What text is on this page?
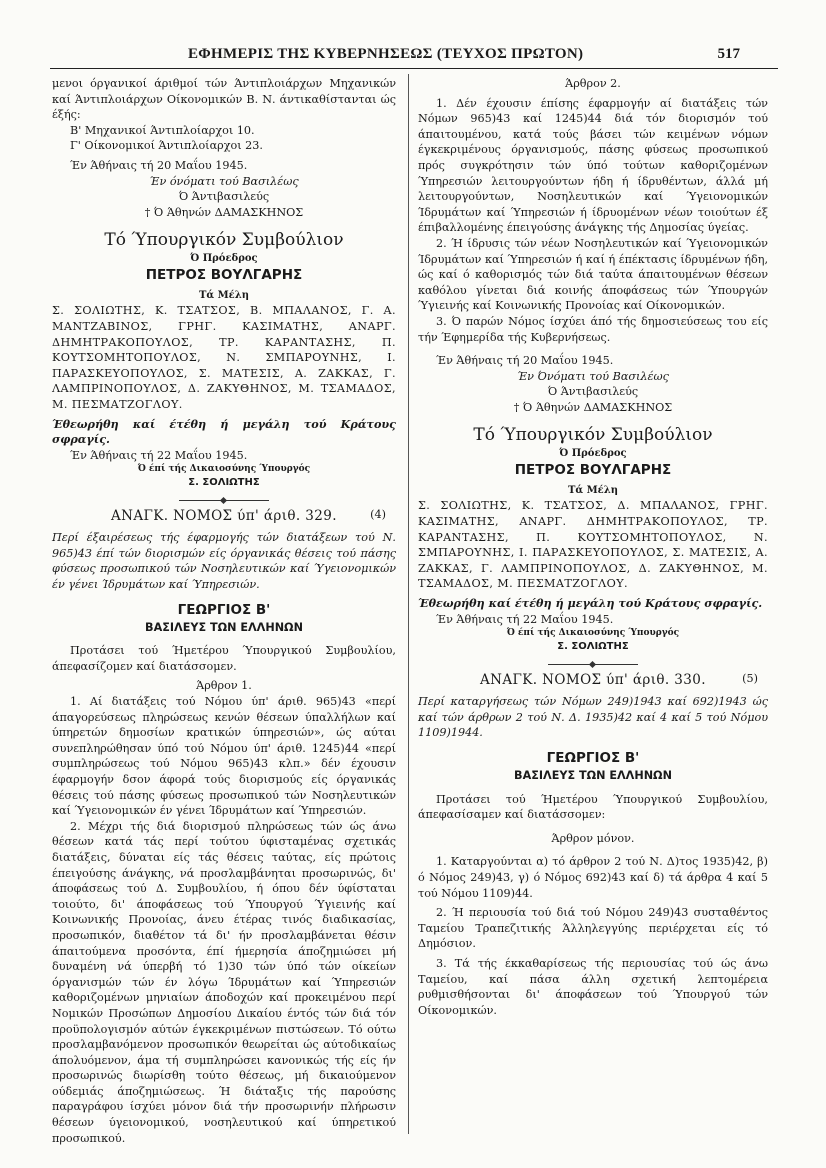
ΕΦΗΜΕΡΙΣ ΤΗΣ ΚΥΒΕΡΝΗΣΕΩΣ (ΤΕΥΧΟΣ ΠΡΩΤΟΝ)	517

μενοι όργανικοί άριθμοί τών Άντιπλοιάρχων Μηχανικών καί Άντιπλοιάρχων Οίκονομικών Β. Ν. άντικαθίστανται ώς έξής:

Β' Μηχανικοί Άντιπλοίαρχοι 10.

Γ' Οίκονομικοί Άντιπλοίαρχοι 23.

Έν Άθήναις τή 20 Μαΐου 1945.

Έν όνόματι τού Βασιλέως

Ό Άντιβασιλεύς

† Ό Άθηνών ΔΑΜΑΣΚΗΝΟΣ

Τό Ύπουργικόν Συμβούλιον

Ό Πρόεδρος

ΠΕΤΡΟΣ ΒΟΥΛΓΑΡΗΣ

Τά Μέλη

Σ. ΣΟΛΙΩΤΗΣ, Κ. ΤΣΑΤΣΟΣ, Β. ΜΠΑΛΑΝΟΣ, Γ. Α. ΜΑΝΤΖΑΒΙΝΟΣ, ΓΡΗΓ. ΚΑΣΙΜΑΤΗΣ, ΑΝΑΡΓ. ΔΗΜΗΤΡΑΚΟΠΟΥΛΟΣ, ΤΡ. ΚΑΡΑΝΤΑΣΗΣ, Π. ΚΟΥΤΣΟΜΗΤΟΠΟΥΛΟΣ, Ν. ΣΜΠΑΡΟΥΝΗΣ, Ι. ΠΑΡΑΣΚΕΥΟΠΟΥΛΟΣ, Σ. ΜΑΤΕΣΙΣ, Α. ΖΑΚΚΑΣ, Γ. ΛΑΜΠΡΙΝΟΠΟΥΛΟΣ, Δ. ΖΑΚΥΘΗΝΟΣ, Μ. ΤΣΑΜΑΔΟΣ, Μ. ΠΕΣΜΑΤΖΟΓΛΟΥ.

Έθεωρήθη καί έτέθη ή μεγάλη τού Κράτους σφραγίς.

Έν Άθήναις τή 22 Μαΐου 1945.

Ό έπί τής Δικαιοσύνης Ύπουργός

Σ. ΣΟΛΙΩΤΗΣ

ΑΝΑΓΚ. ΝΟΜΟΣ ύπ' άριθ. 329.	(4)

Περί έξαιρέσεως τής έφαρμογής τών διατάξεων τού Ν. 965)43 έπί τών διορισμών είς όργανικάς θέσεις τού πάσης φύσεως προσωπικού τών Νοσηλευτικών καί Ύγειονομικών έν γένει Ίδρυμάτων καί Ύπηρεσιών.

ΓΕΩΡΓΙΟΣ Β'

ΒΑΣΙΛΕΥΣ ΤΩΝ ΕΛΛΗΝΩΝ

Προτάσει τού Ήμετέρου Ύπουργικού Συμβουλίου, άπεφασίζομεν καί διατάσσομεν.

Άρθρον 1.

1. Αί διατάξεις τού Νόμου ύπ' άριθ. 965)43 «περί άπαγορεύσεως πληρώσεως κενών θέσεων ύπαλλήλων καί ύπηρετών δημοσίων κρατικών ύπηρεσιών», ώς αύται συνεπληρώθησαν ύπό τού Νόμου ύπ' άριθ. 1245)44 «περί συμπληρώσεως τού Νόμου 965)43 κλπ.» δέν έχουσιν έφαρμογήν δσον άφορά τούς διορισμούς είς όργανικάς θέσεις τού πάσης φύσεως προσωπικού τών Νοσηλευτικών καί Ύγειονομικών έν γένει Ίδρυμάτων καί Ύπηρεσιών.

2. Μέχρι τής διά διορισμού πληρώσεως τών ώς άνω θέσεων κατά τάς περί τούτου ύφισταμένας σχετικάς διατάξεις, δύναται είς τάς θέσεις ταύτας, είς πρώτοις έπειγούσης άνάγκης, νά προσλαμβάνηται προσωρινώς, δι' άποφάσεως τού Δ. Συμβουλίου, ή όπου δέν ύφίσταται τοιούτο, δι' άποφάσεως τού Ύπουργού Ύγιεινής καί Κοινωνικής Προνοίας, άνευ έτέρας τινός διαδικασίας, προσωπικόν, διαθέτον τά δι' ήν προσλαμβάνεται θέσιν άπαιτούμενα προσόντα, έπί ήμερησία άποζημιώσει μή δυναμένη νά ύπερβή τό 1)30 τών ύπό τών οίκείων όργανισμών τών έν λόγω Ίδρυμάτων καί Ύπηρεσιών καθοριζομένων μηνιαίων άποδοχών καί προκειμένου περί Νομικών Προσώπων Δημοσίου Δικαίου έντός τών διά τόν προϋπολογισμόν αύτών έγκεκριμένων πιστώσεων. Τό ούτω προσλαμβανόμενον προσωπικόν θεωρείται ώς αύτοδικαίως άπολυόμενον, άμα τή συμπληρώσει κανονικώς τής είς ήν προσωρινώς διωρίσθη τούτο θέσεως, μή δικαιούμενον ούδεμιάς άποζημιώσεως. Ή διάταξις τής παρούσης παραγράφου ίσχύει μόνον διά τήν προσωρινήν πλήρωσιν θέσεων ύγειονομικού, νοσηλευτικού καί ύπηρετικού προσωπικού.

Άρθρον 2.

1. Δέν έχουσιν έπίσης έφαρμογήν αί διατάξεις τών Νόμων 965)43 καί 1245)44 διά τόν διορισμόν τού άπαιτουμένου, κατά τούς βάσει τών κειμένων νόμων έγκεκριμένους όργανισμούς, πάσης φύσεως προσωπικού πρός συγκρότησιν τών ύπό τούτων καθοριζομένων Ύπηρεσιών λειτουργούντων ήδη ή ίδρυθέντων, άλλά μή λειτουργούντων, Νοσηλευτικών καί Ύγειονομικών Ίδρυμάτων καί Ύπηρεσιών ή ίδρυομένων νέων τοιούτων έξ έπιβαλλομένης έπειγούσης άνάγκης τής Δημοσίας ύγείας.

2. Ή ίδρυσις τών νέων Νοσηλευτικών καί Ύγειονομικών Ίδρυμάτων καί Ύπηρεσιών ή καί ή έπέκτασις ίδρυμένων ήδη, ώς καί ό καθορισμός τών διά ταύτα άπαιτουμένων θέσεων καθόλου γίνεται διά κοινής άποφάσεως τών Ύπουργών Ύγιεινής καί Κοινωνικής Προνοίας καί Οίκονομικών.

3. Ό παρών Νόμος ίσχύει άπό τής δημοσιεύσεως του είς τήν Έφημερίδα τής Κυβερνήσεως.

Έν Άθήναις τή 20 Μαΐου 1945.

Έν Όνόματι τού Βασιλέως

Ό Άντιβασιλεύς

† Ό Άθηνών ΔΑΜΑΣΚΗΝΟΣ

Τό Ύπουργικόν Συμβούλιον

Ό Πρόεδρος

ΠΕΤΡΟΣ ΒΟΥΛΓΑΡΗΣ

Τά Μέλη

Σ. ΣΟΛΙΩΤΗΣ, Κ. ΤΣΑΤΣΟΣ, Δ. ΜΠΑΛΑΝΟΣ, ΓΡΗΓ. ΚΑΣΙΜΑΤΗΣ, ΑΝΑΡΓ. ΔΗΜΗΤΡΑΚΟΠΟΥΛΟΣ, ΤΡ. ΚΑΡΑΝΤΑΣΗΣ, Π. ΚΟΥΤΣΟΜΗΤΟΠΟΥΛΟΣ, Ν. ΣΜΠΑΡΟΥΝΗΣ, Ι. ΠΑΡΑΣΚΕΥΟΠΟΥΛΟΣ, Σ. ΜΑΤΕΣΙΣ, Α. ΖΑΚΚΑΣ, Γ. ΛΑΜΠΡΙΝΟΠΟΥΛΟΣ, Δ. ΖΑΚΥΘΗΝΟΣ, Μ. ΤΣΑΜΑΔΟΣ, Μ. ΠΕΣΜΑΤΖΟΓΛΟΥ.

Έθεωρήθη καί έτέθη ή μεγάλη τού Κράτους σφραγίς.

Έν Άθήναις τή 22 Μαΐου 1945.

Ό έπί τής Δικαιοσύνης Ύπουργός

Σ. ΣΟΛΙΩΤΗΣ

ΑΝΑΓΚ. ΝΟΜΟΣ ύπ' άριθ. 330.	(5)

Περί καταργήσεως τών Νόμων 249)1943 καί 692)1943 ώς καί τών άρθρων 2 τού Ν. Δ. 1935)42 καί 4 καί 5 τού Νόμου 1109)1944.

ΓΕΩΡΓΙΟΣ Β'

ΒΑΣΙΛΕΥΣ ΤΩΝ ΕΛΛΗΝΩΝ

Προτάσει τού Ήμετέρου Ύπουργικού Συμβουλίου, άπεφασίσαμεν καί διατάσσομεν:

Άρθρον μόνον.

1. Καταργούνται α) τό άρθρον 2 τού Ν. Δ)τος 1935)42, β) ό Νόμος 249)43, γ) ό Νόμος 692)43 καί δ) τά άρθρα 4 καί 5 τού Νόμου 1109)44.

2. Ή περιουσία τού διά τού Νόμου 249)43 συσταθέντος Ταμείου Τραπεζιτικής Άλληλεγγύης περιέρχεται είς τό Δημόσιον.

3. Τά τής έκκαθαρίσεως τής περιουσίας τού ώς άνω Ταμείου, καί πάσα άλλη σχετική λεπτομέρεια ρυθμισθήσονται δι' άποφάσεων τού Ύπουργού τών Οίκονομικών.
